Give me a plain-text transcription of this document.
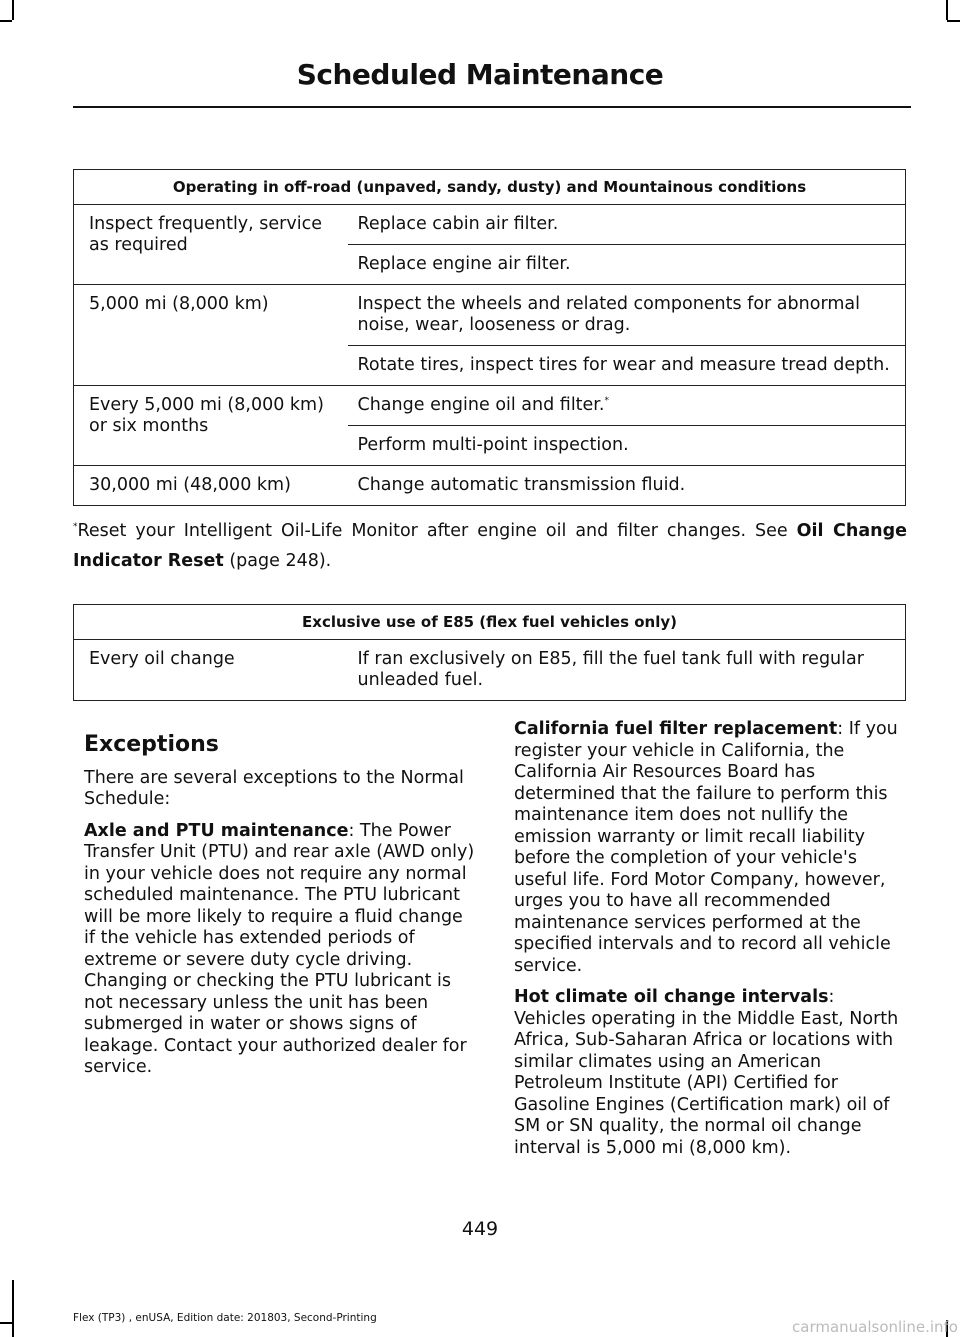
Scheduled Maintenance
Operating in off-road (unpaved, sandy, dusty) and Mountainous conditions	
Inspect frequently, service as required	Replace cabin air filter.
	Replace engine air filter.
5,000 mi (8,000 km)	Inspect the wheels and related components for abnormal noise, wear, looseness or drag.
	Rotate tires, inspect tires for wear and measure tread depth.
Every 5,000 mi (8,000 km) or six months	Change engine oil and filter.*
	Perform multi-point inspection.
30,000 mi (48,000 km)	Change automatic transmission fluid.
*Reset your Intelligent Oil-Life Monitor after engine oil and filter changes. See Oil Change Indicator Reset (page 248).
Exclusive use of E85 (flex fuel vehicles only)
Every oil change	If ran exclusively on E85, fill the fuel tank full with regular unleaded fuel.
Exceptions

There are several exceptions to the Normal Schedule:

Axle and PTU maintenance: The Power Transfer Unit (PTU) and rear axle (AWD only) in your vehicle does not require any normal scheduled maintenance. The PTU lubricant will be more likely to require a fluid change if the vehicle has extended periods of extreme or severe duty cycle driving. Changing or checking the PTU lubricant is not necessary unless the unit has been submerged in water or shows signs of leakage. Contact your authorized dealer for service.

California fuel filter replacement: If you register your vehicle in California, the California Air Resources Board has determined that the failure to perform this maintenance item does not nullify the emission warranty or limit recall liability before the completion of your vehicle's useful life. Ford Motor Company, however, urges you to have all recommended maintenance services performed at the specified intervals and to record all vehicle service.

Hot climate oil change intervals: Vehicles operating in the Middle East, North Africa, Sub-Saharan Africa or locations with similar climates using an American Petroleum Institute (API) Certified for Gasoline Engines (Certification mark) oil of SM or SN quality, the normal oil change interval is 5,000 mi (8,000 km).

449
Flex (TP3) , enUSA, Edition date: 201803, Second-Printing	carmanualsonline.info
